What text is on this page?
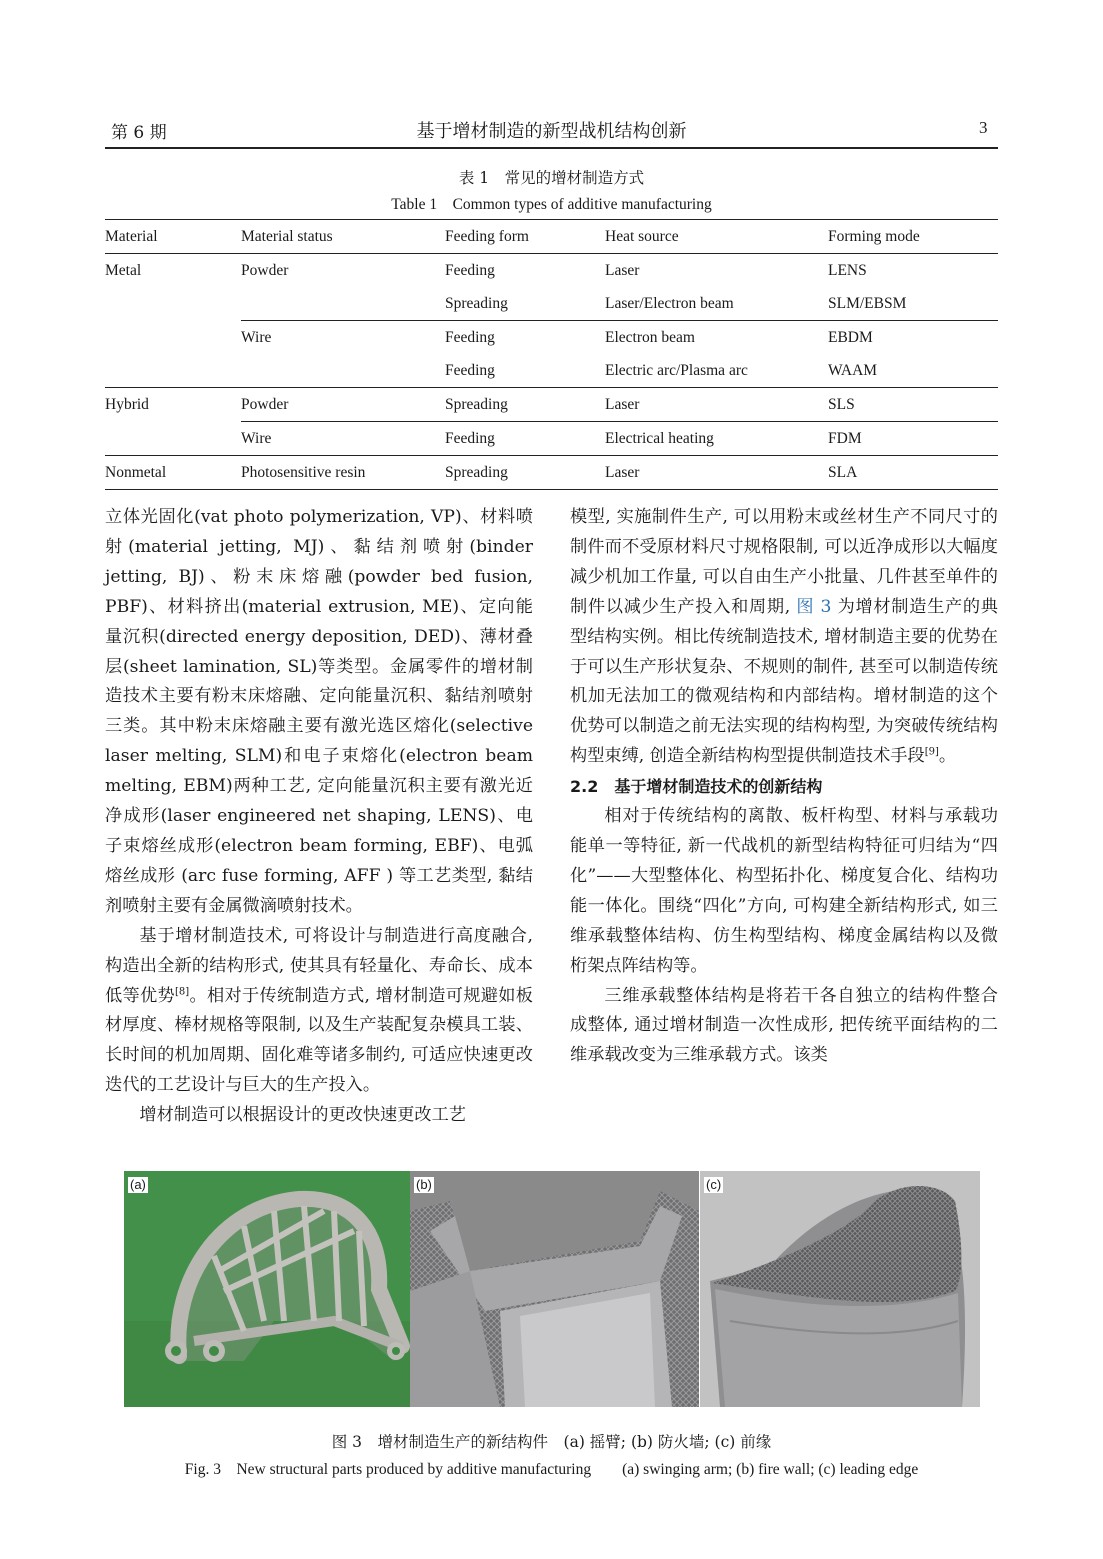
第 6 期	基于增材制造的新型战机结构创新	3
表 1　常见的增材制造方式
Table 1　Common types of additive manufacturing
Material	Material status	Feeding form	Heat source	Forming mode
Metal	Powder	Feeding	Laser	LENS
		Spreading	Laser/Electron beam	SLM/EBSM
	Wire	Feeding	Electron beam	EBDM
		Feeding	Electric arc/Plasma arc	WAAM
Hybrid	Powder	Spreading	Laser	SLS
	Wire	Feeding	Electrical heating	FDM
Nonmetal	Photosensitive resin	Spreading	Laser	SLA

立体光固化(vat photo polymerization, VP)、材料喷射(material jetting, MJ)、黏结剂喷射(binder jetting, BJ)、粉末床熔融(powder bed fusion, PBF)、材料挤出(material extrusion, ME)、定向能量沉积(directed energy deposition, DED)、薄材叠层(sheet lamination, SL)等类型。金属零件的增材制造技术主要有粉末床熔融、定向能量沉积、黏结剂喷射三类。其中粉末床熔融主要有激光选区熔化(selective laser melting, SLM)和电子束熔化(electron beam melting, EBM)两种工艺, 定向能量沉积主要有激光近净成形(laser engineered net shaping, LENS)、电子束熔丝成形(electron beam forming, EBF)、电弧熔丝成形 (arc fuse forming, AFF ) 等工艺类型, 黏结剂喷射主要有金属微滴喷射技术。

基于增材制造技术, 可将设计与制造进行高度融合, 构造出全新的结构形式, 使其具有轻量化、寿命长、成本低等优势[8]。相对于传统制造方式, 增材制造可规避如板材厚度、棒材规格等限制, 以及生产装配复杂模具工装、长时间的机加周期、固化难等诸多制约, 可适应快速更改迭代的工艺设计与巨大的生产投入。

增材制造可以根据设计的更改快速更改工艺

模型, 实施制件生产, 可以用粉末或丝材生产不同尺寸的制件而不受原材料尺寸规格限制, 可以近净成形以大幅度减少机加工作量, 可以自由生产小批量、几件甚至单件的制件以减少生产投入和周期, 图 3 为增材制造生产的典型结构实例。相比传统制造技术, 增材制造主要的优势在于可以生产形状复杂、不规则的制件, 甚至可以制造传统机加无法加工的微观结构和内部结构。增材制造的这个优势可以制造之前无法实现的结构构型, 为突破传统结构构型束缚, 创造全新结构构型提供制造技术手段[9]。

2.2　基于增材制造技术的创新结构

相对于传统结构的离散、板杆构型、材料与承载功能单一等特征, 新一代战机的新型结构特征可归结为“四化”——大型整体化、构型拓扑化、梯度复合化、结构功能一体化。围绕“四化”方向, 可构建全新结构形式, 如三维承载整体结构、仿生构型结构、梯度金属结构以及微桁架点阵结构等。

三维承载整体结构是将若干各自独立的结构件整合成整体, 通过增材制造一次性成形, 把传统平面结构的二维承载改变为三维承载方式。该类

(a)	(b)	(c)
图 3　增材制造生产的新结构件　(a) 摇臂; (b) 防火墙; (c) 前缘
Fig. 3　New structural parts produced by additive manufacturing　　(a) swinging arm; (b) fire wall; (c) leading edge
